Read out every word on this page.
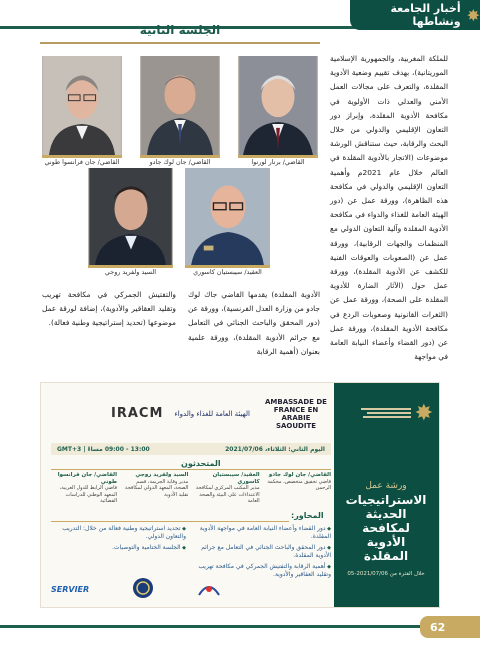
✸
أخبار الجامعة ونشاطها
الجلسة الثانية
للملكة المغربية، والجمهورية الإسلامية الموريتانية)، بهدف تقييم وضعية الأدوية المقلدة، والتعرف على مجالات العمل الأمني والعدلي ذات الأولوية في مكافحة الأدوية المقلدة، وإبراز دور التعاون الإقليمي والدولي من خلال البحث والرقابة، حيث ستناقش الورشة موضوعات (الاتجار بالأدوية المقلدة في العالم خلال عام 2021م وأهمية التعاون الإقليمي والدولي في مكافحة هذه الظاهرة)، وورقة عمل عن (دور الهيئة العامة للغذاء والدواء في مكافحة الأدوية المقلدة وآلية التعاون الدولي مع المنظمات والجهات الرقابية)، وورقة عمل عن (الصعوبات والعوقات الفنية للكشف عن الأدوية المقلدة)، وورقة عمل حول (الآثار الضارة للأدوية المقلدة على الصحة)، وورقة عمل عن (الثغرات القانونية وصعوبات الردع في مكافحة الأدوية المقلدة)، وورقة عمل عن (دور القضاء وأعضاء النيابة العامة في مواجهة
القاضي/ برنار لورنوا
القاضي/ جان لوك جادو
القاضي/ جان فرانسوا طوني
العقيد/ سيبستيان كاسوري
السيد ولفريد روجي
الأدوية المقلدة) يقدمها القاضي جاك لوك جادو من وزارة العدل الفرنسية)، وورقة عن (دور المحقق والباحث الجنائي في التعامل مع جرائم الأدوية المقلدة)، وورقة علمية بعنوان (أهمية الرقابة
والتفتيش الجمركي في مكافحة تهريب وتقليد العقاقير والأدوية)، إضافة لورقة عمل موضوعها (تحديد إستراتيجية وطنية فعالة).
✸
ورشة عمل
الاستراتيجيات الحديثة لمكافحة الأدوية المقلدة
خلال الفترة من 2021/07/06-05
IRACM الهيئة العامة للغذاء والدواء
AMBASSADE DE FRANCE EN ARABIE SAOUDITE
اليوم الثاني: الثلاثاء، 2021/07/06
13:00 - 09:00 مساءً | GMT+3
المتحدثون
القاضي/ جان لوك جادو
قاضي تحقيق متخصص، محكمة الرحمن
العقيد/ سيبستيان كاسوري
مدير المكتب المركزي لمكافحة الاعتداءات على البيئة والصحة العامة
السيد ولفريد روجي
مدير وقاية الجريمة، قسم الصحة، المعهد الدولي لمكافحة تقليد الأدوية
القاضي/ جان فرانسوا طوني
قاضي الرابط للدول العربية، المعهد الوطني للدراسات القضائية
المحاور:
◆ دور القضاء وأعضاء النيابة العامة في مواجهة الأدوية المقلدة.
◆ دور المحقق والباحث الجنائي في التعامل مع جرائم الأدوية المقلدة.
◆ أهمية الرقابة والتفتيش الجمركي في مكافحة تهريب وتقليد العقاقير والأدوية.
◆ تحديد استراتيجية وطنية فعالة من خلال: التدريب والتعاون الدولي.
◆ الجلسة الختامية والتوصيات.
SERVIER
62
